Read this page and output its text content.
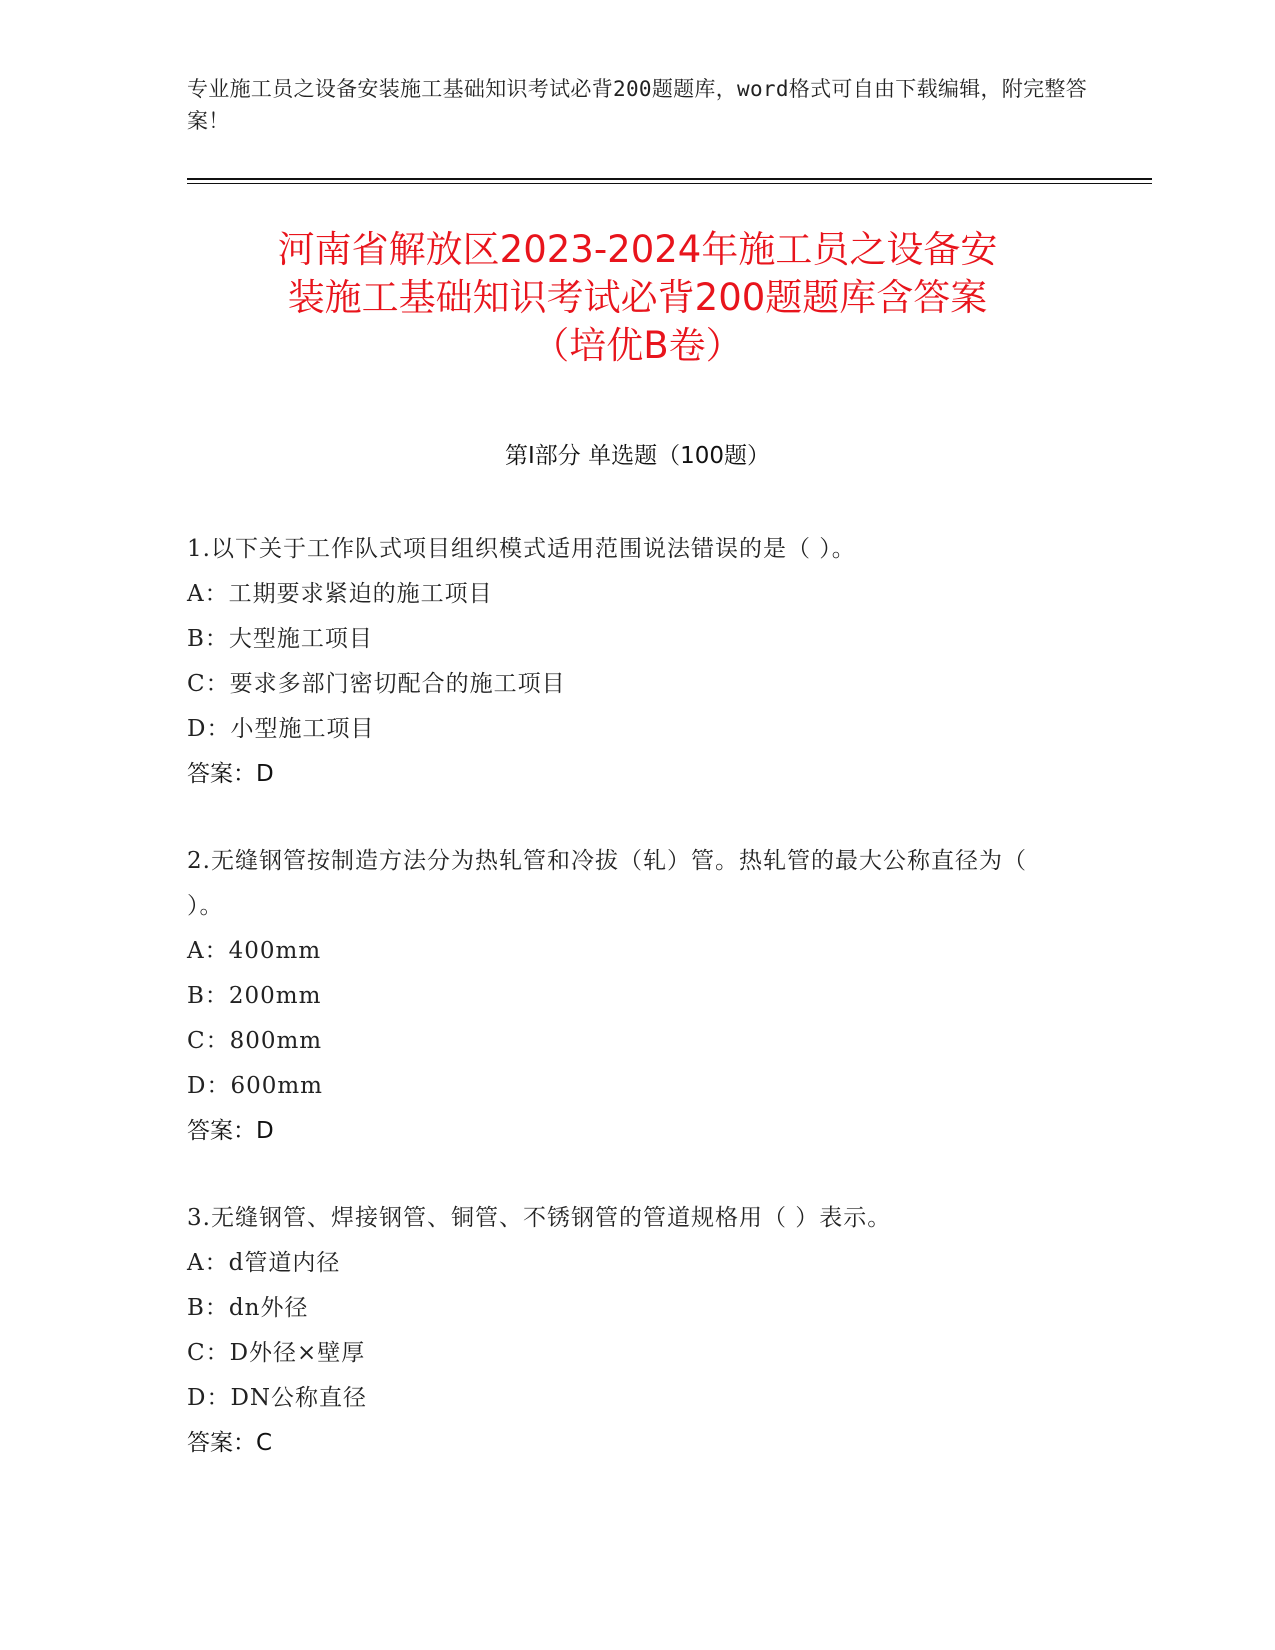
专业施工员之设备安装施工基础知识考试必背200题题库，word格式可自由下载编辑，附完整答案！
河南省解放区2023-2024年施工员之设备安
装施工基础知识考试必背200题题库含答案
（培优B卷）
第Ⅰ部分 单选题（100题）

1.以下关于工作队式项目组织模式适用范围说法错误的是（ ）。

A：工期要求紧迫的施工项目

B：大型施工项目

C：要求多部门密切配合的施工项目

D：小型施工项目

答案：D

2.无缝钢管按制造方法分为热轧管和冷拔（轧）管。热轧管的最大公称直径为（ ）。

A：400mm

B：200mm

C：800mm

D：600mm

答案：D

3.无缝钢管、焊接钢管、铜管、不锈钢管的管道规格用（ ）表示。

A：d管道内径

B：dn外径

C：D外径×壁厚

D：DN公称直径

答案：C
